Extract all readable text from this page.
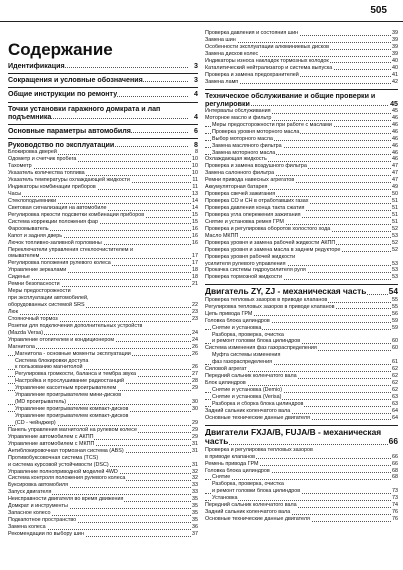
505
Содержание
Идентификация	3
Сокращения и условные обозначения	3
Общие инструкции по ремонту	4
Точки установки гаражного домкрата и лап подъемника	4
Основные параметры автомобиля	6
Руководство по эксплуатации	8
Блокировка дверей	8
Одометр и счетчик пробега	10
Тахометр	10
Указатель количества топлива	10
Указатель температуры охлаждающей жидкости	11
Индикаторы комбинации приборов	11
Часы	13
Стеклоподъемники	14
Световая сигнализация на автомобиле	14
Регулировка яркости подсветки комбинации приборов	15
Система коррекции положения фар	15
Фароомыватель	16
Капот и задняя дверь	16
Лючок топливно-заливной горловины	16
Переключатели управления стеклоочистителем и
омывателем	17
Регулировка положения рулевого колеса	17
Управление зеркалами	18
Сиденье	18
Ремни безопасности	21
Меры предосторожности
при эксплуатации автомобилей,
оборудованных системой SRS	22
Люк	23
Стояночный тормоз	23
Розетки для подключения дополнительных устройств
(Mazda Versa)	24
Управление отопителем и кондиционером	24
Магнитола	26
Магнитола - основные моменты эксплуатации	26
Система блокировки доступа
к пользованию магнитолой	26
Регулировка громкости, баланса и тембра звука	27
Настройка и прослушивание радиостанций	28
Управление кассетным проигрывателем	29
Управление проигрывателем мини-дисков
(MD проигрыватель)	30
Управление проигрывателем компакт-дисков	30
Управление проигрывателем компакт-дисков
(CD - чейнджер)	29
Панель управления магнитолой на рулевом колесе	29
Управление автомобилем с АКПП	29
Управление автомобилем с МКПП	31
Антиблокировочная тормозная система (ABS)	31
Противобуксовочная система (TCS)
и система курсовой устойчивости (DSC)	31
Управление полноприводной моделей 4WD	32
Система контроля положения рулевого колеса	32
Буксировка автомобиля	33
Запуск двигателя	33
Неисправности двигателя во время движения	35
Домкрат и инструменты	35
Запасное колесо	35
Подкапотное пространство	35
Замена колеса	36
Рекомендации по выбору шин	37
Проверка давления и состояния шин	39
Замена шин	39
Особенности эксплуатации алюминиевых дисков	39
Замена дисков колес	39
Индикаторы износа накладок тормозных колодок	40
Каталитический нейтрализатор и система выпуска	40
Проверка и замена предохранителей	41
Замена ламп	42
Техническое обслуживание и общие проверки и регулировки	45
Интервалы обслуживания	45
Моторное масло и фильтр	46
Меры предосторожности при работе с маслами	46
Проверка уровня моторного масла	46
Выбор моторного масла	46
Замена масляного фильтра	46
Замена моторного масла	46
Охлаждающая жидкость	46
Проверка и замена воздушного фильтра	47
Замена салонного фильтра	47
Ремни привода навесных агрегатов	47
Аккумуляторная батарея	49
Проверка свечей зажигания	50
Проверка CO и CH в отработавших газах	51
Проверка давления конца такта сжатия	51
Проверка угла опережения зажигания	51
Снятие и установка ремня ГРМ	51
Проверка и регулировка оборотов холостого хода	52
Масло МКПП	53
Проверка уровня и замена рабочей жидкости АКПП	52
Проверка уровня и замена масла в заднем редукторе	52
Проверка уровня рабочей жидкости
усилителя рулевого управления	53
Прокачка системы гидроусилителя руля	53
Проверка тормозной жидкости	53
Двигатель ZY, ZJ - механическая часть	54
Проверка тепловых зазоров в приводе клапанов	55
Регулировка тепловых зазоров в приводе клапанов	55
Цепь привода ГРМ	56
Головка блока цилиндров	59
Снятие и установка	59
Разборка, проверка, очистка
и ремонт головки блока цилиндров	60
Система изменения фаз газораспределения	60
Муфта системы изменения
фаз газораспределения	61
Силовой агрегат	62
Передний сальник коленчатого вала	62
Блок цилиндров	62
Снятие и установка (Demio)	62
Снятие и установка (Verisa)	63
Разборка и сборка блока цилиндров	63
Задний сальник коленчатого вала	64
Основные технические данные двигателя	64
Двигатели FXJA/B, FUJA/B - механическая часть	66
Проверка и регулировка тепловых зазоров
в приводе клапанов	66
Ремень привода ГРМ	66
Головка блока цилиндров	68
Снятие	68
Разборка, проверка, очистка
и ремонт головки блока цилиндров	73
Установка	73
Передний сальник коленчатого вала	74
Задний сальник коленчатого вала	76
Основные технические данные двигателя	76
